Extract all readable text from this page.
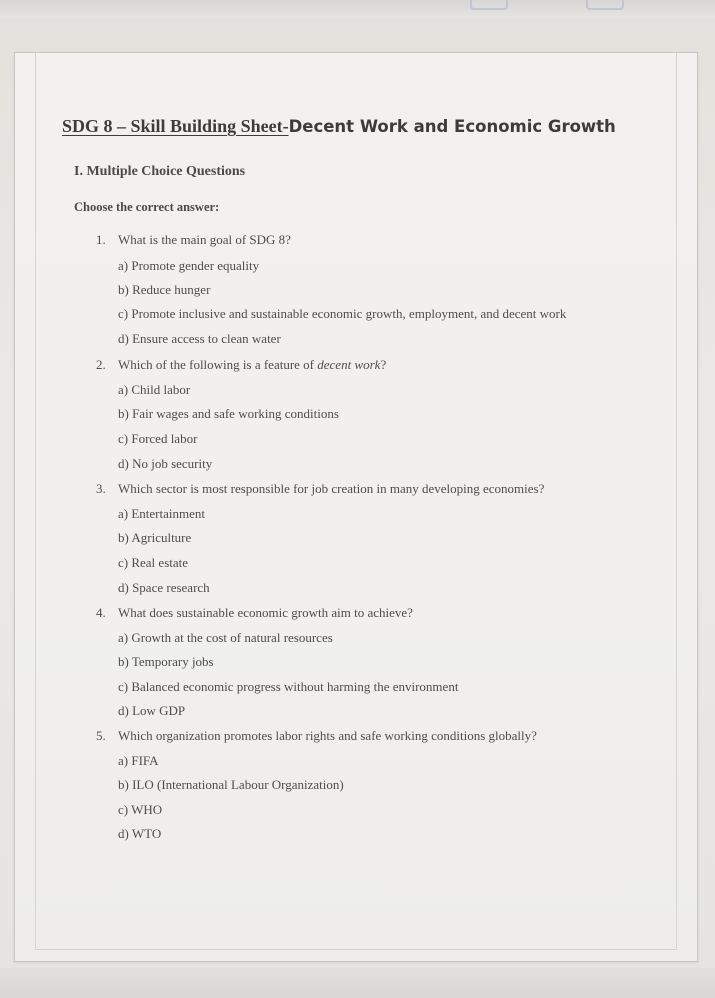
SDG 8 – Skill Building Sheet-Decent Work and Economic Growth
I. Multiple Choice Questions
Choose the correct answer:
1. What is the main goal of SDG 8?
a) Promote gender equality
b) Reduce hunger
c) Promote inclusive and sustainable economic growth, employment, and decent work
d) Ensure access to clean water
2. Which of the following is a feature of decent work?
a) Child labor
b) Fair wages and safe working conditions
c) Forced labor
d) No job security
3. Which sector is most responsible for job creation in many developing economies?
a) Entertainment
b) Agriculture
c) Real estate
d) Space research
4. What does sustainable economic growth aim to achieve?
a) Growth at the cost of natural resources
b) Temporary jobs
c) Balanced economic progress without harming the environment
d) Low GDP
5. Which organization promotes labor rights and safe working conditions globally?
a) FIFA
b) ILO (International Labour Organization)
c) WHO
d) WTO
